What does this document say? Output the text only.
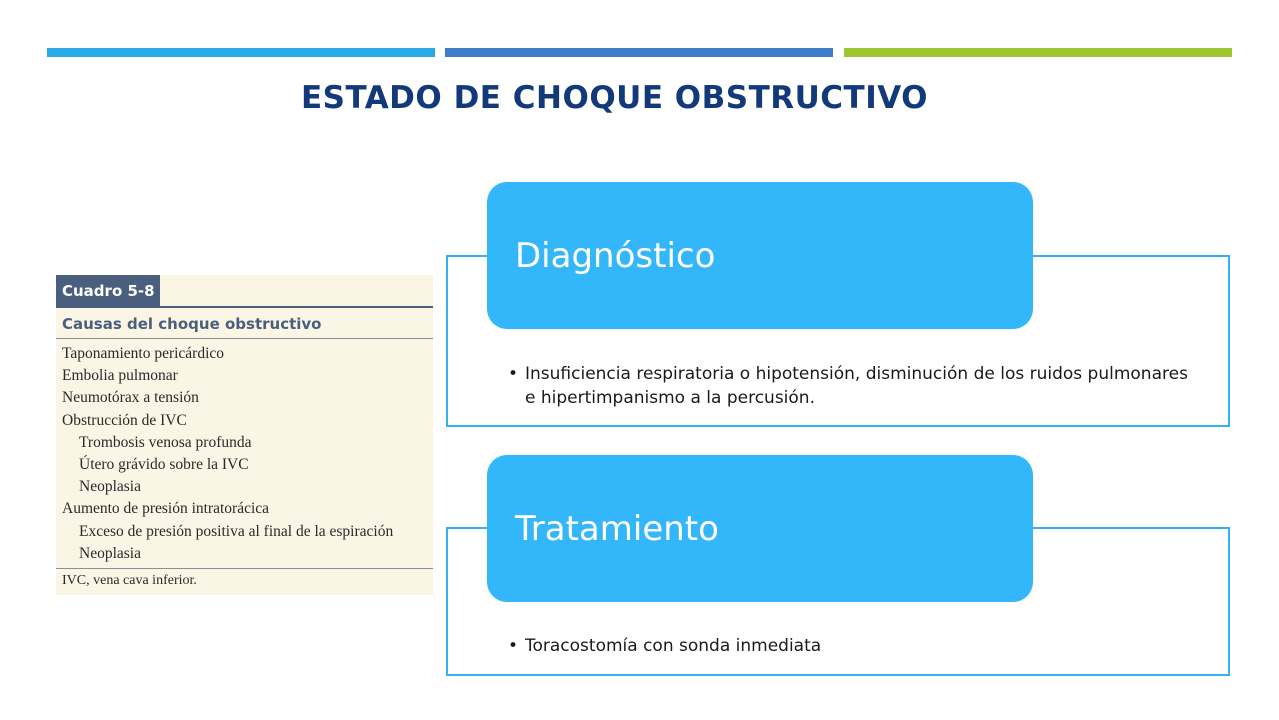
ESTADO DE CHOQUE OBSTRUCTIVO
Cuadro 5-8
Causas del choque obstructivo
Taponamiento pericárdico
Embolia pulmonar
Neumotórax a tensión
Obstrucción de IVC
Trombosis venosa profunda
Útero grávido sobre la IVC
Neoplasia
Aumento de presión intratorácica
Exceso de presión positiva al final de la espiración
Neoplasia
IVC, vena cava inferior.
Diagnóstico
• Insuficiencia respiratoria o hipotensión, disminución de los ruidos pulmonares e hipertimpanismo a la percusión.
Tratamiento
• Toracostomía con sonda inmediata
